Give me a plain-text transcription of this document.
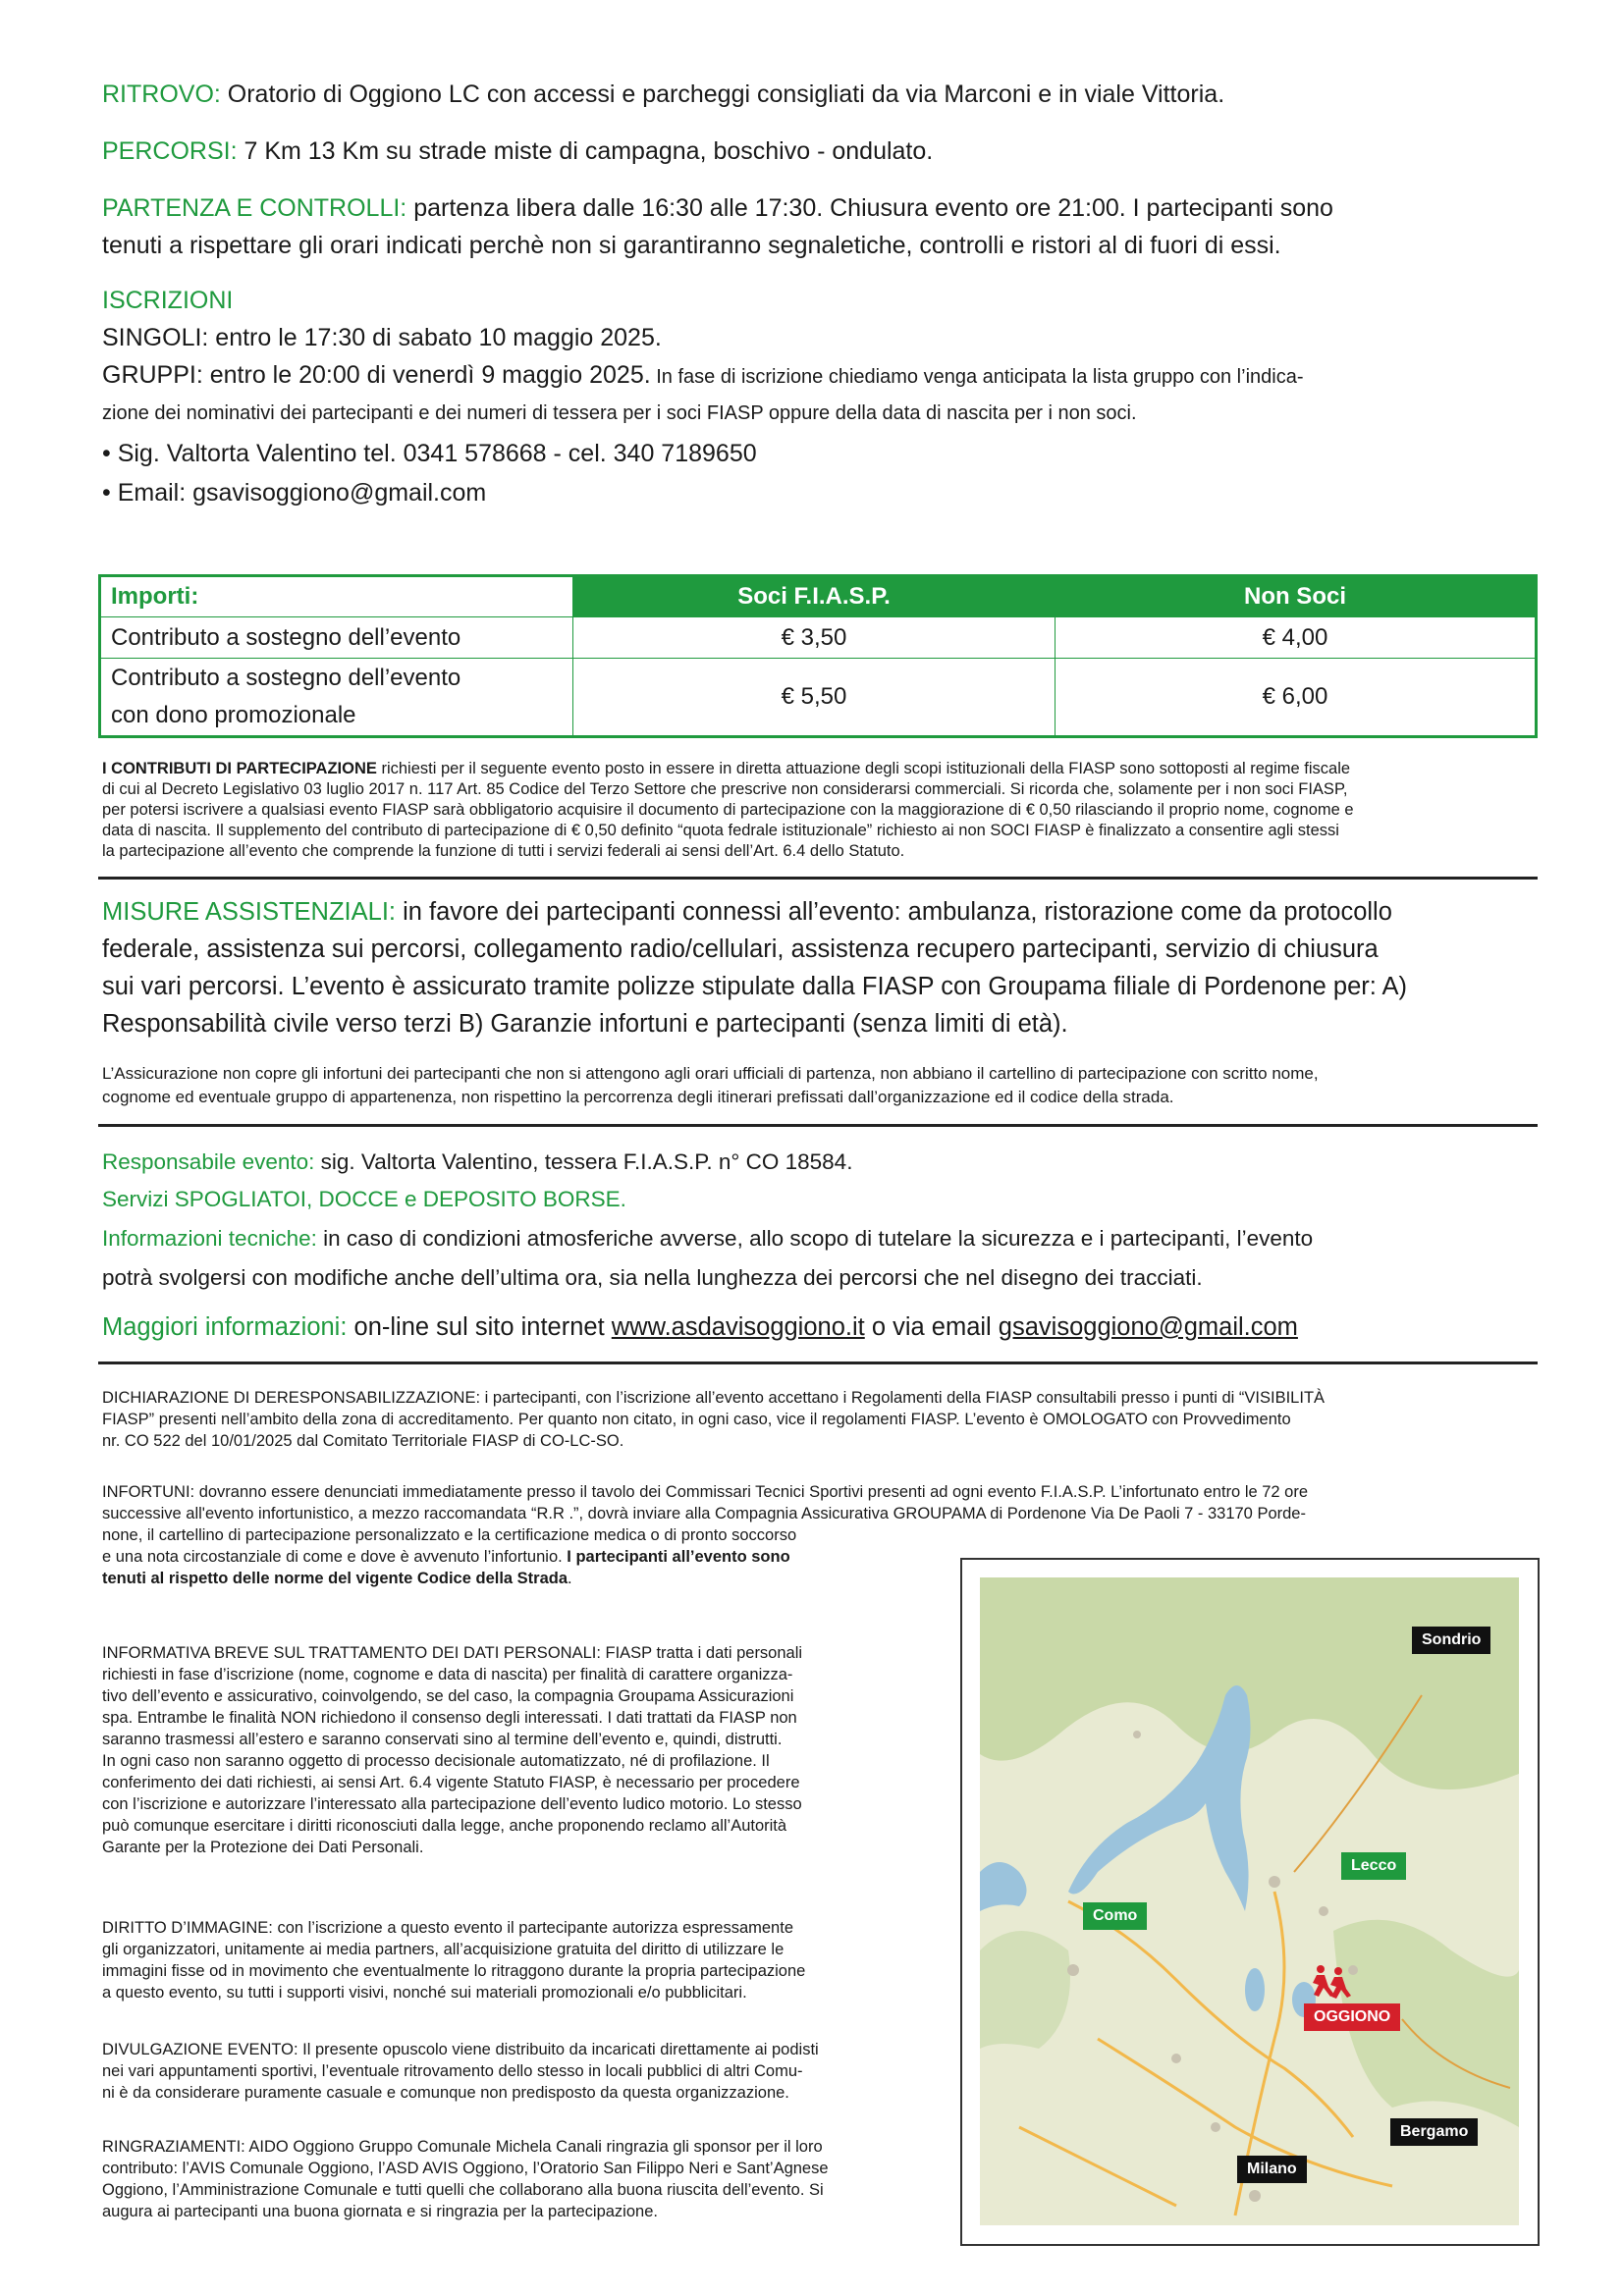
RITROVO: Oratorio di Oggiono LC con accessi e parcheggi consigliati da via Marconi e in viale Vittoria.
PERCORSI: 7 Km 13 Km su strade miste di campagna, boschivo - ondulato.
PARTENZA E CONTROLLI: partenza libera dalle 16:30 alle 17:30. Chiusura evento ore 21:00. I partecipanti sono
tenuti a rispettare gli orari indicati perchè non si garantiranno segnaletiche, controlli e ristori al di fuori di essi.
ISCRIZIONI
SINGOLI: entro le 17:30 di sabato 10 maggio 2025.
GRUPPI: entro le 20:00 di venerdì 9 maggio 2025. In fase di iscrizione chiediamo venga anticipata la lista gruppo con l’indica-
zione dei nominativi dei partecipanti e dei numeri di tessera per i soci FIASP oppure della data di nascita per i non soci.
• Sig. Valtorta Valentino tel. 0341 578668 - cel. 340 7189650
• Email: gsavisoggiono@gmail.com
Importi:	Soci F.I.A.S.P.	Non Soci
Contributo a sostegno dell’evento	€ 3,50	€ 4,00

Contributo a sostegno dell’evento
con dono promozionale	€ 5,50	€ 6,00
I CONTRIBUTI DI PARTECIPAZIONE richiesti per il seguente evento posto in essere in diretta attuazione degli scopi istituzionali della FIASP sono sottoposti al regime fiscale
di cui al Decreto Legislativo 03 luglio 2017 n. 117 Art. 85 Codice del Terzo Settore che prescrive non considerarsi commerciali. Si ricorda che, solamente per i non soci FIASP,
per potersi iscrivere a qualsiasi evento FIASP sarà obbligatorio acquisire il documento di partecipazione con la maggiorazione di € 0,50 rilasciando il proprio nome, cognome e
data di nascita. Il supplemento del contributo di partecipazione di € 0,50 definito “quota fedrale istituzionale” richiesto ai non SOCI FIASP è finalizzato a consentire agli stessi
la partecipazione all’evento che comprende la funzione di tutti i servizi federali ai sensi dell’Art. 6.4 dello Statuto.
MISURE ASSISTENZIALI: in favore dei partecipanti connessi all’evento: ambulanza, ristorazione come da protocollo
federale, assistenza sui percorsi, collegamento radio/cellulari, assistenza recupero partecipanti, servizio di chiusura
sui vari percorsi. L’evento è assicurato tramite polizze stipulate dalla FIASP con Groupama filiale di Pordenone per: A)
Responsabilità civile verso terzi B) Garanzie infortuni e partecipanti (senza limiti di età).
L’Assicurazione non copre gli infortuni dei partecipanti che non si attengono agli orari ufficiali di partenza, non abbiano il cartellino di partecipazione con scritto nome,
cognome ed eventuale gruppo di appartenenza, non rispettino la percorrenza degli itinerari prefissati dall’organizzazione ed il codice della strada.
Responsabile evento: sig. Valtorta Valentino, tessera F.I.A.S.P. n° CO 18584.
Servizi SPOGLIATOI, DOCCE e DEPOSITO BORSE.
Informazioni tecniche: in caso di condizioni atmosferiche avverse, allo scopo di tutelare la sicurezza e i partecipanti, l’evento
potrà svolgersi con modifiche anche dell’ultima ora, sia nella lunghezza dei percorsi che nel disegno dei tracciati.
Maggiori informazioni: on-line sul sito internet www.asdavisoggiono.it o via email gsavisoggiono@gmail.com
DICHIARAZIONE DI DERESPONSABILIZZAZIONE: i partecipanti, con l’iscrizione all’evento accettano i Regolamenti della FIASP consultabili presso i punti di “VISIBILITÀ
FIASP” presenti nell’ambito della zona di accreditamento. Per quanto non citato, in ogni caso, vice il regolamenti FIASP. L’evento è OMOLOGATO con Provvedimento
nr. CO 522 del 10/01/2025 dal Comitato Territoriale FIASP di CO-LC-SO.
INFORTUNI: dovranno essere denunciati immediatamente presso il tavolo dei Commissari Tecnici Sportivi presenti ad ogni evento F.I.A.S.P. L’infortunato entro le 72 ore
successive all'evento infortunistico, a mezzo raccomandata “R.R .”, dovrà inviare alla Compagnia Assicurativa GROUPAMA di Pordenone Via De Paoli 7 - 33170 Porde-
none, il cartellino di partecipazione personalizzato e la certificazione medica o di pronto soccorso
e una nota circostanziale di come e dove è avvenuto l’infortunio. I partecipanti all’evento sono
tenuti al rispetto delle norme del vigente Codice della Strada.
INFORMATIVA BREVE SUL TRATTAMENTO DEI DATI PERSONALI: FIASP tratta i dati personali
richiesti in fase d’iscrizione (nome, cognome e data di nascita) per finalità di carattere organizza-
tivo dell’evento e assicurativo, coinvolgendo, se del caso, la compagnia Groupama Assicurazioni
spa. Entrambe le finalità NON richiedono il consenso degli interessati. I dati trattati da FIASP non
saranno trasmessi all’estero e saranno conservati sino al termine dell’evento e, quindi, distrutti.
In ogni caso non saranno oggetto di processo decisionale automatizzato, né di profilazione. Il
conferimento dei dati richiesti, ai sensi Art. 6.4 vigente Statuto FIASP, è necessario per procedere
con l’iscrizione e autorizzare l’interessato alla partecipazione dell’evento ludico motorio. Lo stesso
può comunque esercitare i diritti riconosciuti dalla legge, anche proponendo reclamo all’Autorità
Garante per la Protezione dei Dati Personali.
DIRITTO D’IMMAGINE: con l’iscrizione a questo evento il partecipante autorizza espressamente
gli organizzatori, unitamente ai media partners, all’acquisizione gratuita del diritto di utilizzare le
immagini fisse od in movimento che eventualmente lo ritraggono durante la propria partecipazione
a questo evento, su tutti i supporti visivi, nonché sui materiali promozionali e/o pubblicitari.
DIVULGAZIONE EVENTO: Il presente opuscolo viene distribuito da incaricati direttamente ai podisti
nei vari appuntamenti sportivi, l’eventuale ritrovamento dello stesso in locali pubblici di altri Comu-
ni è da considerare puramente casuale e comunque non predisposto da questa organizzazione.
RINGRAZIAMENTI: AIDO Oggiono Gruppo Comunale Michela Canali ringrazia gli sponsor per il loro
contributo: l’AVIS Comunale Oggiono, l’ASD AVIS Oggiono, l’Oratorio San Filippo Neri e Sant’Agnese
Oggiono, l’Amministrazione Comunale e tutti quelli che collaborano alla buona riuscita dell’evento. Si
augura ai partecipanti una buona giornata e si ringrazia per la partecipazione.
Sondrio
Lecco
Como
OGGIONO
Bergamo
Milano
